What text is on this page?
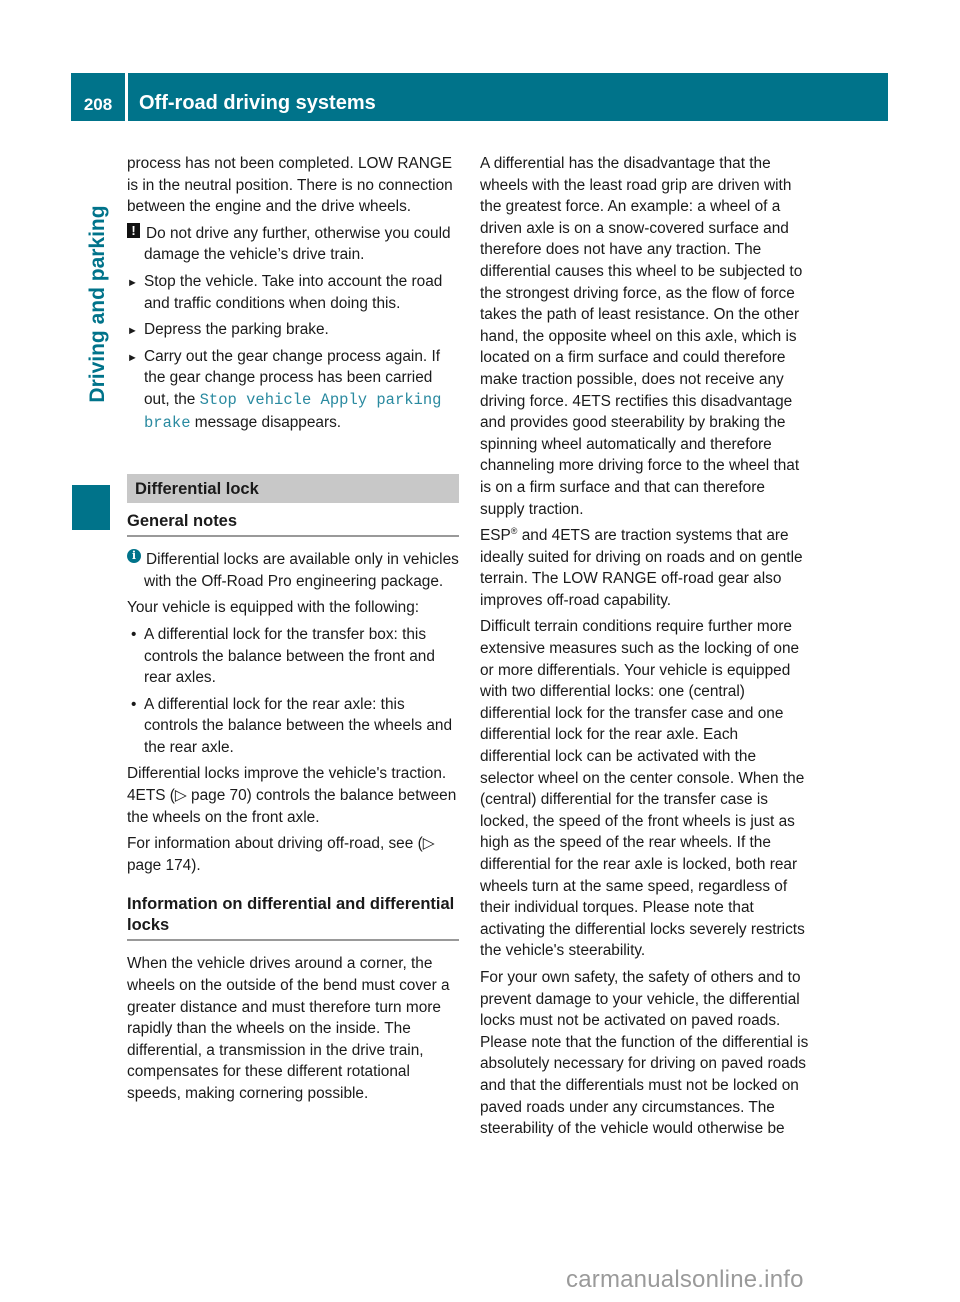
208	Off-road driving systems
Driving and parking

process has not been completed. LOW RANGE is in the neutral position. There is no connection between the engine and the drive wheels.

! Do not drive any further, otherwise you could damage the vehicle’s drive train.
► Stop the vehicle. Take into account the road and traffic conditions when doing this.
► Depress the parking brake.
► Carry out the gear change process again. If the gear change process has been carried out, the Stop vehicle Apply parking brake message disappears.
Differential lock
General notes
i Differential locks are available only in vehicles with the Off-Road Pro engineering package.

Your vehicle is equipped with the following:

• A differential lock for the transfer box: this controls the balance between the front and rear axles.
• A differential lock for the rear axle: this controls the balance between the wheels and the rear axle.

Differential locks improve the vehicle's traction. 4ETS (▷ page 70) controls the balance between the wheels on the front axle.

For information about driving off-road, see (▷ page 174).

Information on differential and differential locks

When the vehicle drives around a corner, the wheels on the outside of the bend must cover a greater distance and must therefore turn more rapidly than the wheels on the inside. The differential, a transmission in the drive train, compensates for these different rotational speeds, making cornering possible.

A differential has the disadvantage that the wheels with the least road grip are driven with the greatest force. An example: a wheel of a driven axle is on a snow-covered surface and therefore does not have any traction. The differential causes this wheel to be subjected to the strongest driving force, as the flow of force takes the path of least resistance. On the other hand, the opposite wheel on this axle, which is located on a firm surface and could therefore make traction possible, does not receive any driving force. 4ETS rectifies this disadvantage and provides good steerability by braking the spinning wheel automatically and therefore channeling more driving force to the wheel that is on a firm surface and that can therefore supply traction.

ESP® and 4ETS are traction systems that are ideally suited for driving on roads and on gentle terrain. The LOW RANGE off-road gear also improves off-road capability.

Difficult terrain conditions require further more extensive measures such as the locking of one or more differentials. Your vehicle is equipped with two differential locks: one (central) differential lock for the transfer case and one differential lock for the rear axle. Each differential lock can be activated with the selector wheel on the center console. When the (central) differential for the transfer case is locked, the speed of the front wheels is just as high as the speed of the rear wheels. If the differential for the rear axle is locked, both rear wheels turn at the same speed, regardless of their individual torques. Please note that activating the differential locks severely restricts the vehicle's steerability.

For your own safety, the safety of others and to prevent damage to your vehicle, the differential locks must not be activated on paved roads. Please note that the function of the differential is absolutely necessary for driving on paved roads and that the differentials must not be locked on paved roads under any circumstances. The steerability of the vehicle would otherwise be

carmanualsonline.info
